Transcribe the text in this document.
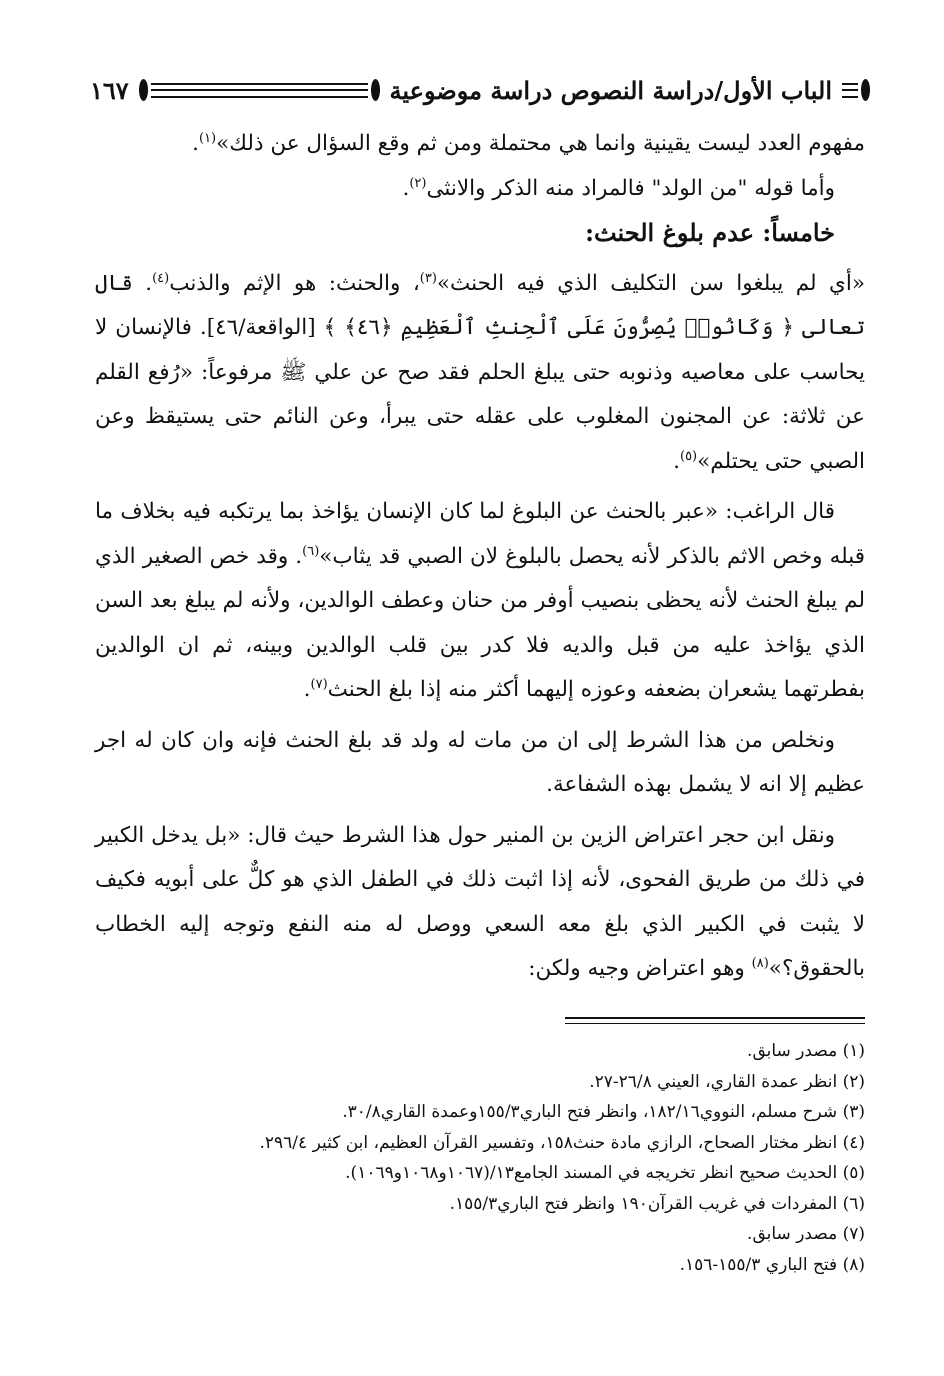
١٦٧	الباب الأول/دراسة النصوص دراسة موضوعية

مفهوم العدد ليست يقينية وانما هي محتملة ومن ثم وقع السؤال عن ذلك»$^{(١)}$.

وأما قوله "من الولد" فالمراد منه الذكر والانثى$^{(٢)}$.

خامساً: عدم بلوغ الحنث:

«أي لم يبلغوا سن التكليف الذي فيه الحنث»$^{(٣)}$، والحنث: هو الإثم والذنب$^{(٤)}$. قال تعالى ﴿ وَكَانُوا۟ يُصِرُّونَ عَلَى ٱلْحِنثِ ٱلْعَظِيمِ ﴿٤٦﴾ ﴾ [الواقعة/٤٦]. فالإنسان لا يحاسب على معاصيه وذنوبه حتى يبلغ الحلم فقد صح عن علي ﷺ مرفوعاً: «رُفع القلم عن ثلاثة: عن المجنون المغلوب على عقله حتى يبرأ، وعن النائم حتى يستيقظ وعن الصبي حتى يحتلم»$^{(٥)}$.

قال الراغب: «عبر بالحنث عن البلوغ لما كان الإنسان يؤاخذ بما يرتكبه فيه بخلاف ما قبله وخص الاثم بالذكر لأنه يحصل بالبلوغ لان الصبي قد يثاب»$^{(٦)}$. وقد خص الصغير الذي لم يبلغ الحنث لأنه يحظى بنصيب أوفر من حنان وعطف الوالدين، ولأنه لم يبلغ بعد السن الذي يؤاخذ عليه من قبل والديه فلا كدر بين قلب الوالدين وبينه، ثم ان الوالدين بفطرتهما يشعران بضعفه وعوزه إليهما أكثر منه إذا بلغ الحنث$^{(٧)}$.

ونخلص من هذا الشرط إلى ان من مات له ولد قد بلغ الحنث فإنه وان كان له اجر عظيم إلا انه لا يشمل بهذه الشفاعة.

ونقل ابن حجر اعتراض الزين بن المنير حول هذا الشرط حيث قال: «بل يدخل الكبير في ذلك من طريق الفحوى، لأنه إذا اثبت ذلك في الطفل الذي هو كلٌّ على أبويه فكيف لا يثبت في الكبير الذي بلغ معه السعي ووصل له منه النفع وتوجه إليه الخطاب بالحقوق؟»$^{(٨)}$ وهو اعتراض وجيه ولكن:

(١) مصدر سابق.
(٢) انظر عمدة القاري، العيني ٢٦/٨-٢٧.
(٣) شرح مسلم، النووي١٨٢/١٦، وانظر فتح الباري١٥٥/٣وعمدة القاري٣٠/٨.
(٤) انظر مختار الصحاح، الرازي مادة حنث١٥٨، وتفسير القرآن العظيم، ابن كثير ٢٩٦/٤.
(٥) الحديث صحيح انظر تخريجه في المسند الجامع١٣/(١٠٦٧و١٠٦٨و١٠٦٩).
(٦) المفردات في غريب القرآن١٩٠ وانظر فتح الباري١٥٥/٣.
(٧) مصدر سابق.
(٨) فتح الباري ١٥٥/٣-١٥٦.
